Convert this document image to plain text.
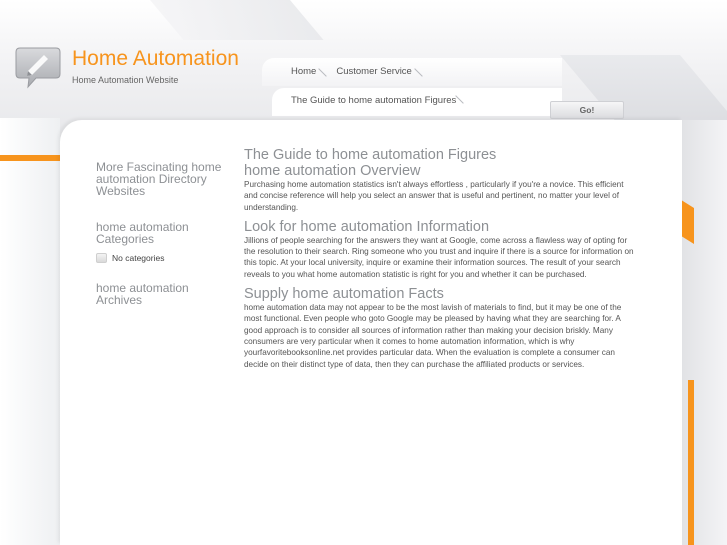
Home Automation
Home Automation Website
Home Customer Service
The Guide to home automation Figures
Go!
More Fascinating home automation Directory Websites
home automation Categories
No categories
home automation Archives
The Guide to home automation Figures
home automation Overview

Purchasing home automation statistics isn't always effortless , particularly if you're a novice. This efficient and concise reference will help you select an answer that is useful and pertinent, no matter your level of understanding.

Look for home automation Information

Jillions of people searching for the answers they want at Google, come across a flawless way of opting for the resolution to their search. Ring someone who you trust and inquire if there is a source for information on this topic. At your local university, inquire or examine their information sources. The result of your search reveals to you what home automation statistic is right for you and whether it can be purchased.

Supply home automation Facts

home automation data may not appear to be the most lavish of materials to find, but it may be one of the most functional. Even people who goto Google may be pleased by having what they are searching for. A good approach is to consider all sources of information rather than making your decision briskly. Many consumers are very particular when it comes to home automation information, which is why yourfavoritebooksonline.net provides particular data. When the evaluation is complete a consumer can decide on their distinct type of data, then they can purchase the affiliated products or services.
